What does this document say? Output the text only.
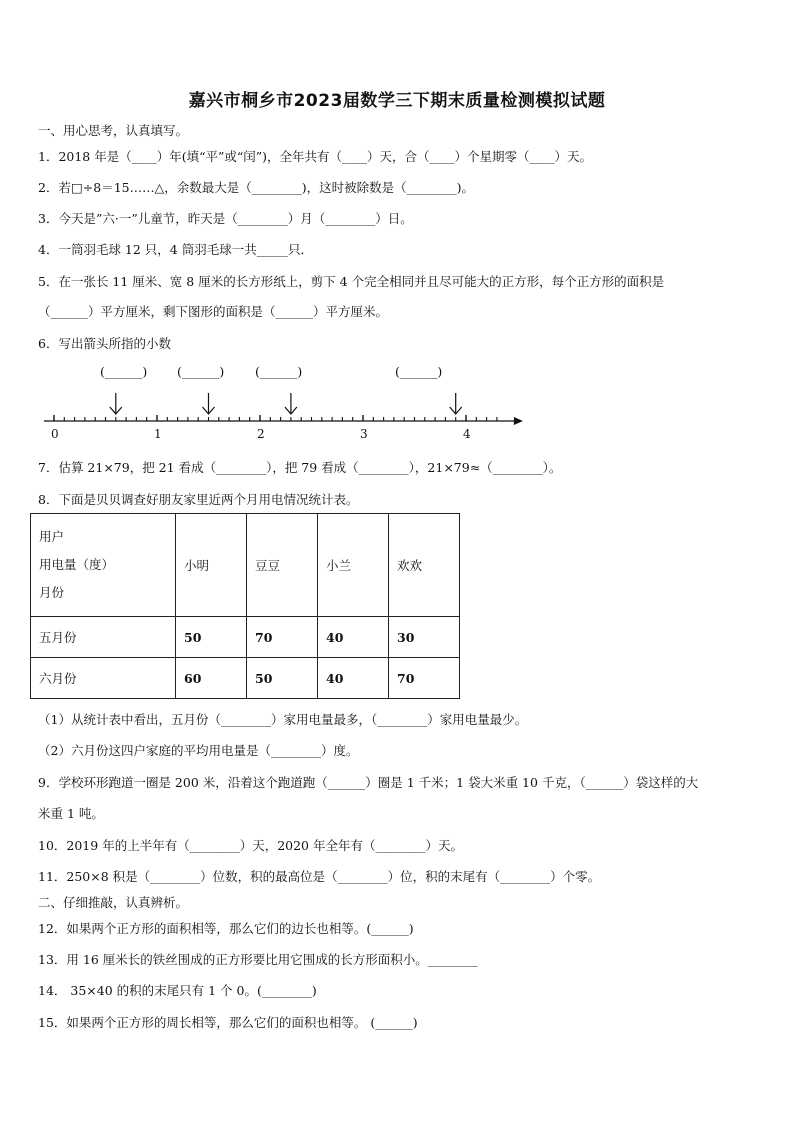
嘉兴市桐乡市2023届数学三下期末质量检测模拟试题
一、用心思考，认真填写。
1．2018 年是（____）年(填“平”或“闰”)，全年共有（____）天，合（____）个星期零（____）天。
2．若□÷8＝15……△，余数最大是（________)，这时被除数是（________)。
3．今天是”六·一”儿童节，昨天是（________）月（________）日。
4．一筒羽毛球 12 只，4 筒羽毛球一共_____只．
5．在一张长 11 厘米、宽 8 厘米的长方形纸上，剪下 4 个完全相同并且尽可能大的正方形，每个正方形的面积是
（______）平方厘米，剩下图形的面积是（______）平方厘米。
6．写出箭头所指的小数
0	1	2	3	4
(______) (______) (______)	(______)
7．估算 21×79，把 21 看成（________），把 79 看成（________），21×79≈（________）。
8．下面是贝贝调查好朋友家里近两个月用电情况统计表。
用户
用电量（度）
月份	小明	豆豆	小兰	欢欢
五月份	50	70	40	30
六月份	60	50	40	70
（1）从统计表中看出，五月份（________）家用电量最多，（________）家用电量最少。
（2）六月份这四户家庭的平均用电量是（________）度。
9．学校环形跑道一圈是 200 米，沿着这个跑道跑（______）圈是 1 千米；1 袋大米重 10 千克，（______）袋这样的大
米重 1 吨。
10．2019 年的上半年有（________）天，2020 年全年有（________）天。
11．250×8 积是（________）位数，积的最高位是（________）位，积的末尾有（________）个零。
二、仔细推敲，认真辨析。
12．如果两个正方形的面积相等，那么它们的边长也相等。(______)
13．用 16 厘米长的铁丝围成的正方形要比用它围成的长方形面积小。________
14． 35×40 的积的末尾只有 1 个 0。(________)
15．如果两个正方形的周长相等，那么它们的面积也相等。 (______)
